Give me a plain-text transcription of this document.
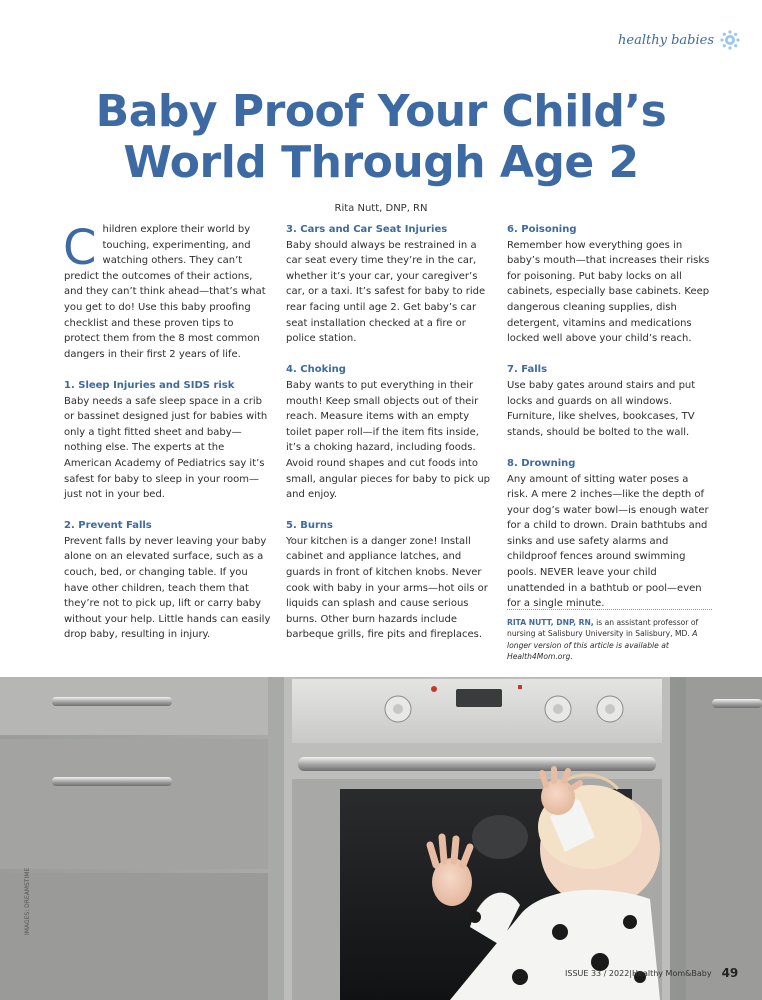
healthy babies
Baby Proof Your Child’s
World Through Age 2
Rita Nutt, DNP, RN

Children explore their world by touching, experimenting, and watching others. They can’t predict the outcomes of their actions, and they can’t think ahead—that’s what you get to do! Use this baby proofing checklist and these proven tips to protect them from the 8 most common dangers in their first 2 years of life.

1. Sleep Injuries and SIDS risk

Baby needs a safe sleep space in a crib or bassinet designed just for babies with only a tight fitted sheet and baby—nothing else. The experts at the American Academy of Pediatrics say it’s safest for baby to sleep in your room—just not in your bed.

2. Prevent Falls

Prevent falls by never leaving your baby alone on an elevated surface, such as a couch, bed, or changing table. If you have other children, teach them that they’re not to pick up, lift or carry baby without your help. Little hands can easily drop baby, resulting in injury.

3. Cars and Car Seat Injuries

Baby should always be restrained in a car seat every time they’re in the car, whether it’s your car, your caregiver’s car, or a taxi. It’s safest for baby to ride rear facing until age 2. Get baby’s car seat installation checked at a fire or police station.

4. Choking

Baby wants to put everything in their mouth! Keep small objects out of their reach. Measure items with an empty toilet paper roll—if the item fits inside, it’s a choking hazard, including foods. Avoid round shapes and cut foods into small, angular pieces for baby to pick up and enjoy.

5. Burns

Your kitchen is a danger zone! Install cabinet and appliance latches, and guards in front of kitchen knobs. Never cook with baby in your arms—hot oils or liquids can splash and cause serious burns. Other burn hazards include barbeque grills, fire pits and fireplaces.

6. Poisoning

Remember how everything goes in baby’s mouth—that increases their risks for poisoning. Put baby locks on all cabinets, especially base cabinets. Keep dangerous cleaning supplies, dish detergent, vitamins and medications locked well above your child’s reach.

7. Falls

Use baby gates around stairs and put locks and guards on all windows. Furniture, like shelves, bookcases, TV stands, should be bolted to the wall.

8. Drowning

Any amount of sitting water poses a risk. A mere 2 inches—like the depth of your dog’s water bowl—is enough water for a child to drown. Drain bathtubs and sinks and use safety alarms and childproof fences around swimming pools. NEVER leave your child unattended in a bathtub or pool—even for a single minute.

RITA NUTT, DNP, RN, is an assistant professor of nursing at Salisbury University in Salisbury, MD. A longer version of this article is available at Health4Mom.org.
IMAGES: DREAMSTIME
ISSUE 33 / 2022 | Healthy Mom&Baby 49
